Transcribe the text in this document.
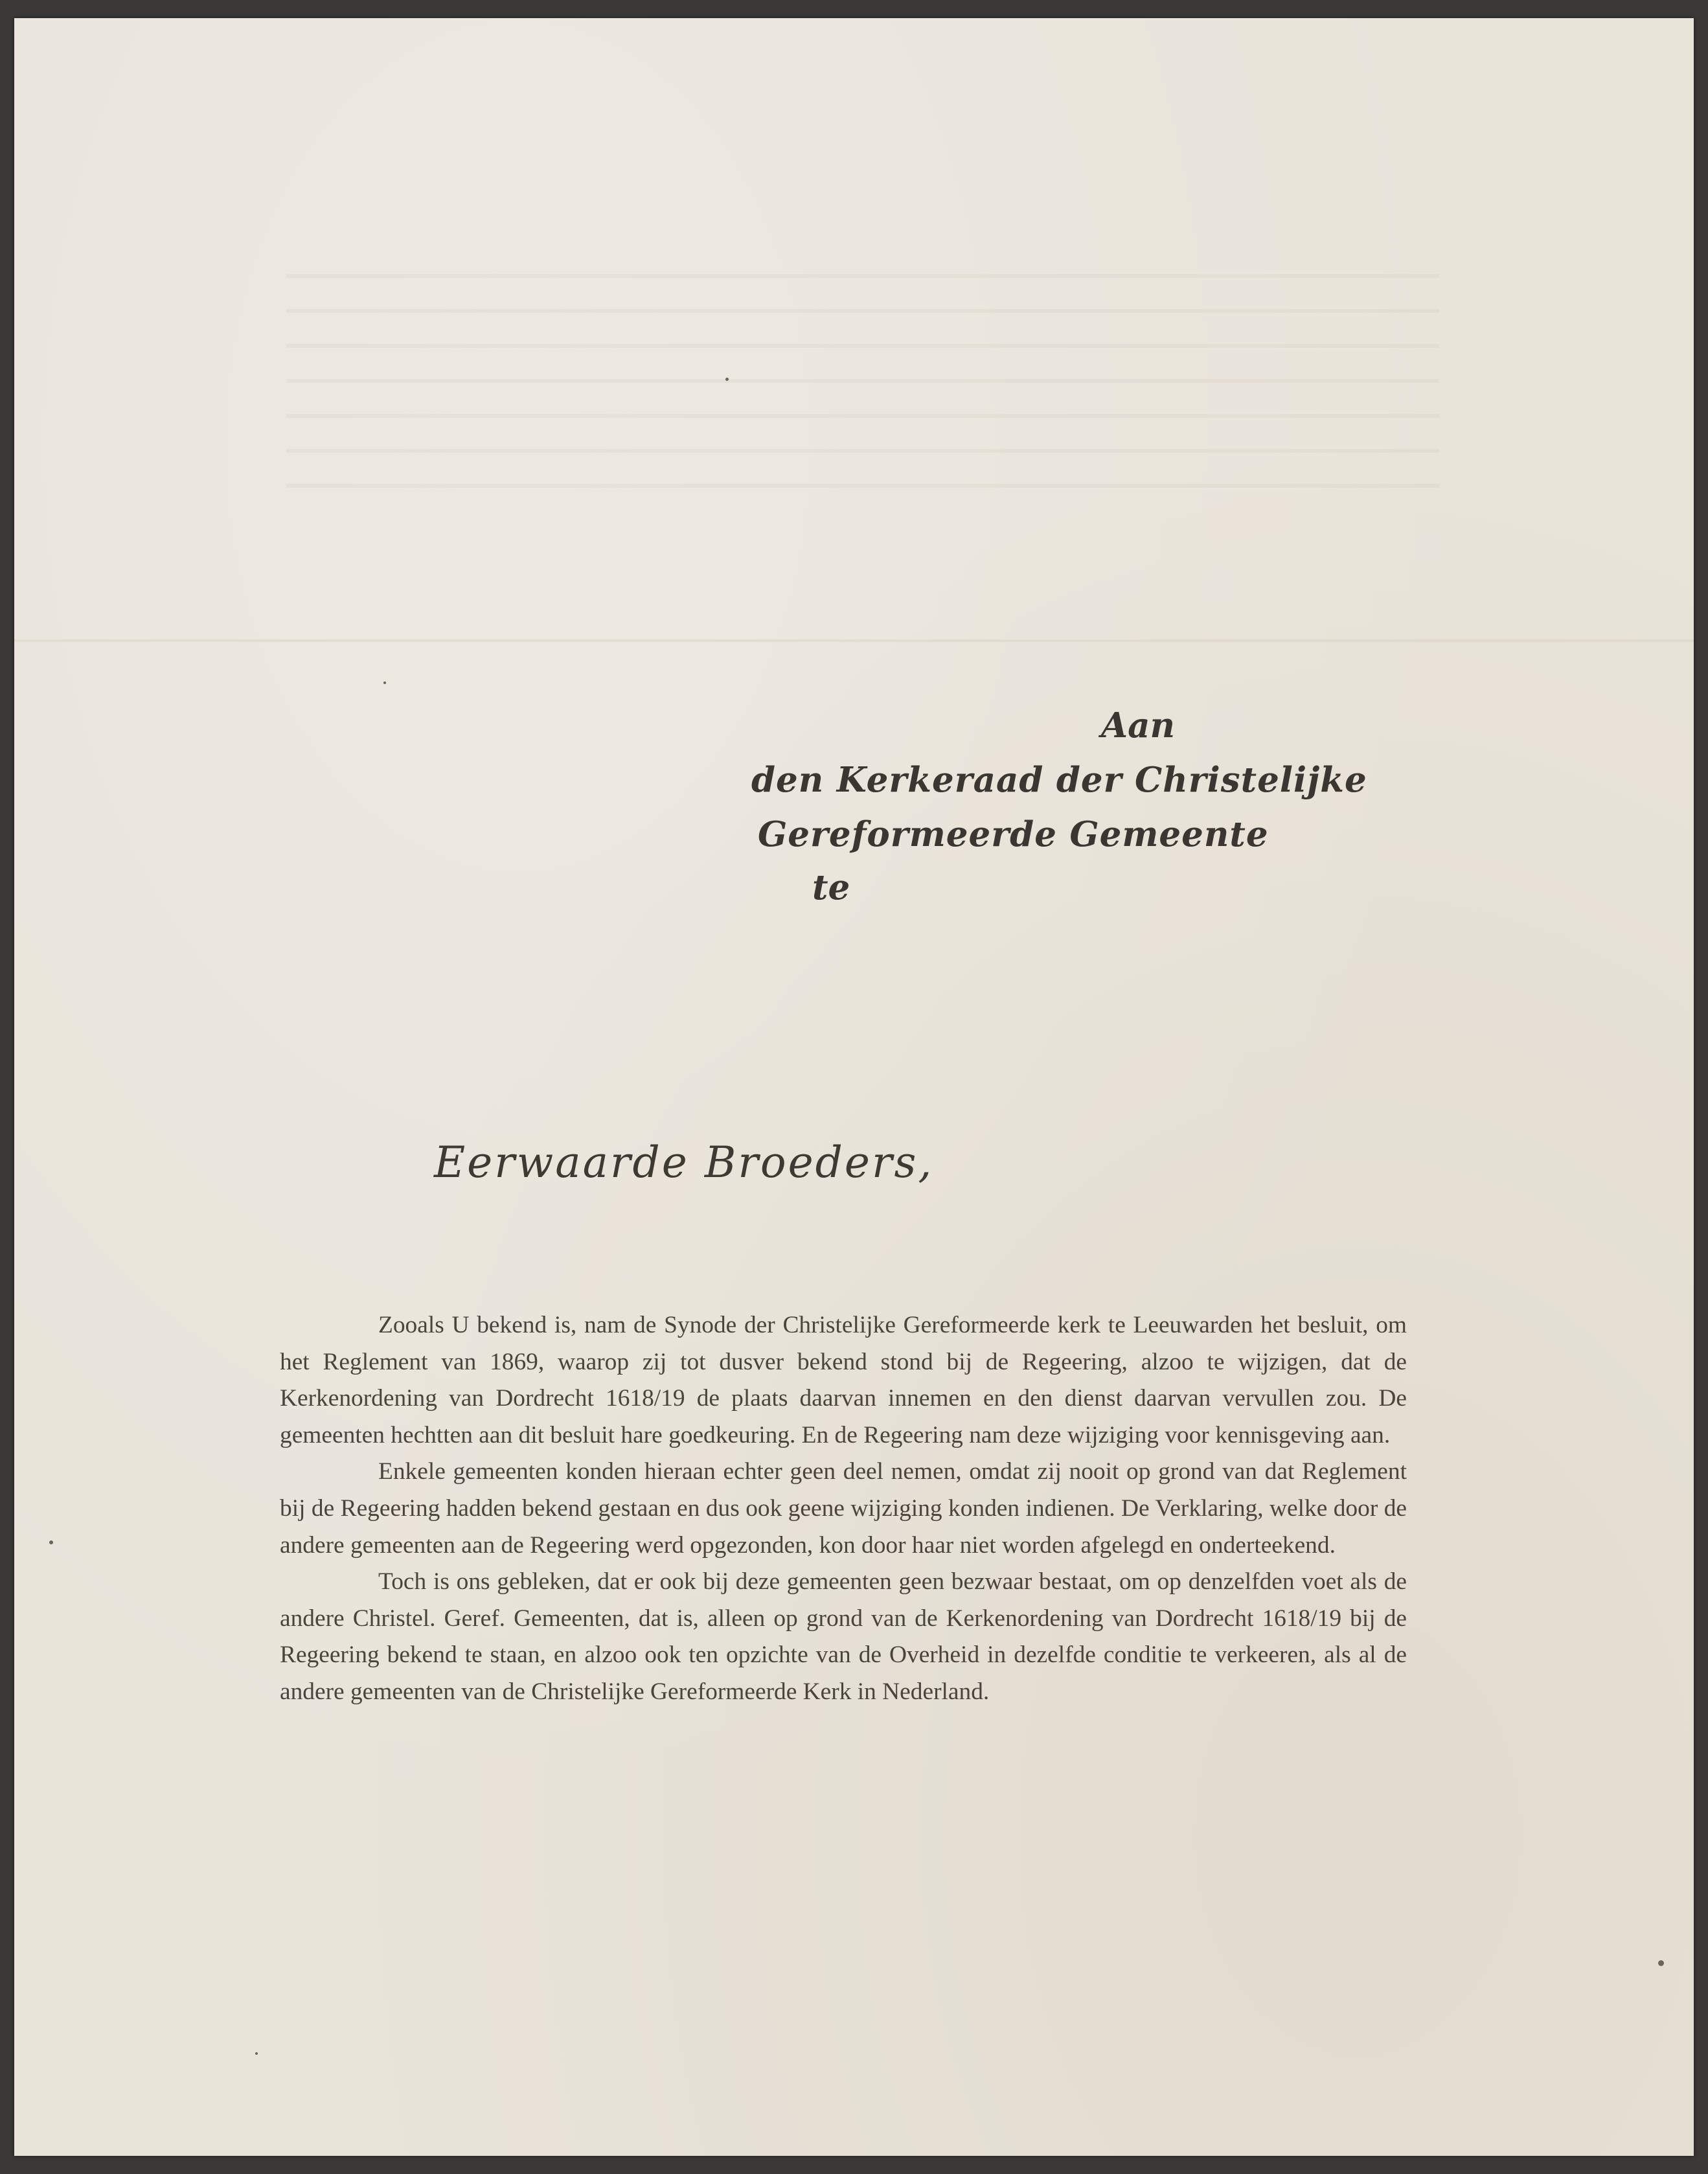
Aan
den Kerkeraad der Christelijke
Gereformeerde Gemeente
te
Eerwaarde Broeders,

Zooals U bekend is, nam de Synode der Christelijke Gereformeerde kerk te Leeuwarden het besluit, om het Reglement van 1869, waarop zij tot dusver bekend stond bij de Regeering, alzoo te wijzigen, dat de Kerkenordening van Dordrecht 1618/19 de plaats daarvan innemen en den dienst daarvan vervullen zou. De gemeenten hechtten aan dit besluit hare goedkeuring. En de Regeering nam deze wijziging voor kennisgeving aan.

Enkele gemeenten konden hieraan echter geen deel nemen, omdat zij nooit op grond van dat Reglement bij de Regeering hadden bekend gestaan en dus ook geene wijziging konden indienen. De Verklaring, welke door de andere gemeenten aan de Regeering werd opgezonden, kon door haar niet worden afgelegd en onderteekend.

Toch is ons gebleken, dat er ook bij deze gemeenten geen bezwaar bestaat, om op denzelfden voet als de andere Christel. Geref. Gemeenten, dat is, alleen op grond van de Kerkenordening van Dordrecht 1618/19 bij de Regeering bekend te staan, en alzoo ook ten opzichte van de Overheid in dezelfde conditie te verkeeren, als al de andere gemeenten van de Christelijke Gereformeerde Kerk in Nederland.
